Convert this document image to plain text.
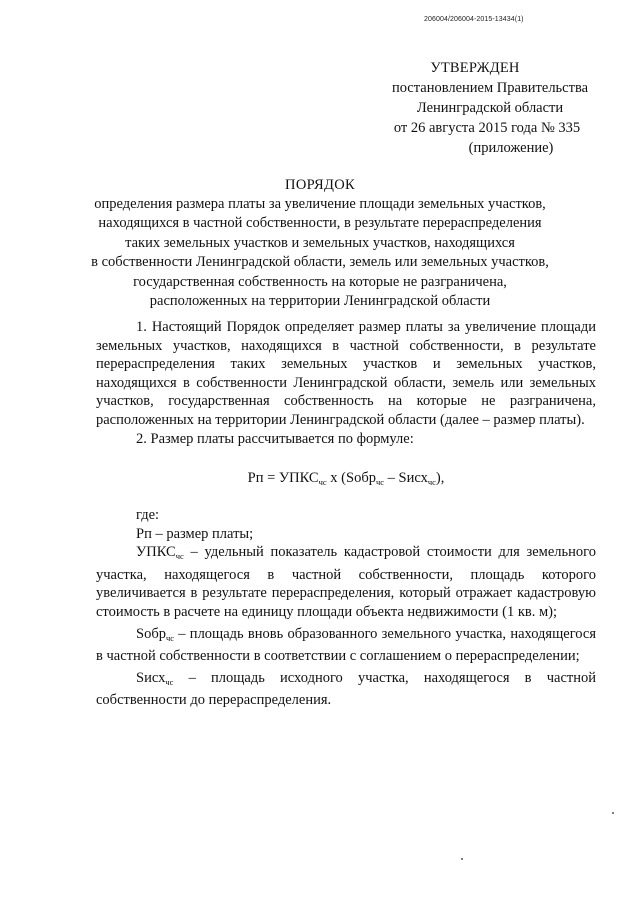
206004/206004-2015-13434(1)
УТВЕРЖДЕН
постановлением Правительства
Ленинградской области
от 26 августа 2015 года № 335
(приложение)
ПОРЯДОК
определения размера платы за увеличение площади земельных участков,
находящихся в частной собственности, в результате перераспределения
таких земельных участков и земельных участков, находящихся
в собственности Ленинградской области, земель или земельных участков,
государственная собственность на которые не разграничена,
расположенных на территории Ленинградской области

1. Настоящий Порядок определяет размер платы за увеличение площади земельных участков, находящихся в частной собственности, в результате перераспределения таких земельных участков и земельных участков, находящихся в собственности Ленинградской области, земель или земельных участков, государственная собственность на которые не разграничена, расположенных на территории Ленинградской области (далее – размер платы).

2. Размер платы рассчитывается по формуле:

Рп = $УПКС_{чс}$ х (Sобр$_{чс}$ – Sисх$_{чс}$),

где:

Рп – размер платы;

$УПКС_{чс}$ – удельный показатель кадастровой стоимости для земельного участка, находящегося в частной собственности, площадь которого увеличивается в результате перераспределения, который отражает кадастровую стоимость в расчете на единицу площади объекта недвижимости (1 кв. м);

Sобр$_{чс}$ – площадь вновь образованного земельного участка, находящегося в частной собственности в соответствии с соглашением о перераспределении;

Sисх$_{чс}$ – площадь исходного участка, находящегося в частной собственности до перераспределения.
